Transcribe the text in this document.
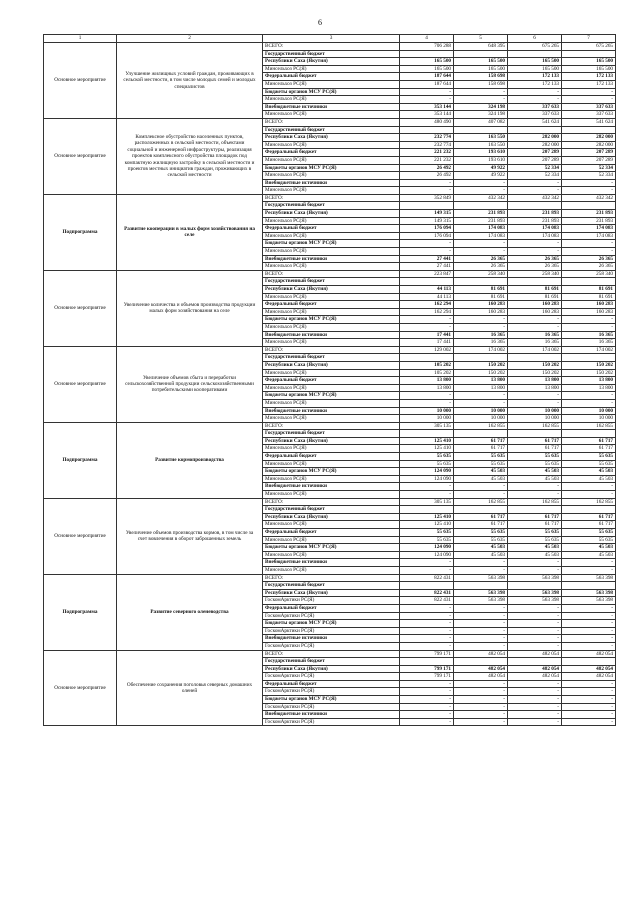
6
1	2	3	4	5	6	7
Основное мероприятие	Улучшение жилищных условий граждан, проживающих в сельской местности, в том числе молодых семей и молодых специалистов	ВСЕГО:	706 288	648 395	675 265	675 265
		Государственный бюджет				
		Республики Саха (Якутия)	165 500	165 500	165 500	165 500
		Минсельхоз РС(Я)	165 500	165 500	165 500	165 500
		Федеральный бюджет	187 644	158 698	172 133	172 133
		Минсельхоз РС(Я)	187 644	158 698	172 133	172 133
		Бюджеты органов МСУ РС(Я)	-	-	-	-
		Минсельхоз РС(Я)	-	-	-	-
		Внебюджетные источники	353 144	324 198	337 633	337 633
		Минсельхоз РС(Я)	353 144	324 198	337 633	337 633
Основное мероприятие	Комплексное обустройство населенных пунктов, расположенных в сельской местности, объектами социальной и инженерной инфраструктуры, реализация проектов комплексного обустройства площадок под компактную жилищную застройку в сельской местности и проектов местных инициатив граждан, проживающих в сельской местности	ВСЕГО:	480 490	407 082	541 624	541 624
		Государственный бюджет				
		Республики Саха (Якутия)	232 774	163 550	282 000	282 000
		Минсельхоз РС(Я)	232 774	163 550	282 000	282 000
		Федеральный бюджет	221 232	193 610	207 289	207 289
		Минсельхоз РС(Я)	221 232	193 610	207 289	207 289
		Бюджеты органов МСУ РС(Я)	26 492	49 922	52 334	52 334
		Минсельхоз РС(Я)	26 492	49 922	52 334	52 334
		Внебюджетные источники	-	-	-	-
		Минсельхоз РС(Я)	-	-	-	-
Подпрограмма	Развитие кооперации в малых форм хозяйствования на селе	ВСЕГО:	352 849	432 342	432 342	432 342
		Государственный бюджет				
		Республики Саха (Якутия)	149 315	231 893	231 893	231 893
		Минсельхоз РС(Я)	149 315	231 893	231 893	231 893
		Федеральный бюджет	176 094	174 083	174 083	174 083
		Минсельхоз РС(Я)	176 094	174 083	174 083	174 083
		Бюджеты органов МСУ РС(Я)	-	-	-	-
		Минсельхоз РС(Я)	-	-	-	-
		Внебюджетные источники	27 441	26 365	26 365	26 365
		Минсельхоз РС(Я)	27 441	26 365	26 365	26 365
Основное мероприятие	Увеличение количества и объемов производства продукции малых форм хозяйствования на селе	ВСЕГО:	223 847	258 340	258 340	258 340
		Государственный бюджет				
		Республики Саха (Якутия)	44 113	81 691	81 691	81 691
		Минсельхоз РС(Я)	44 113	81 691	81 691	81 691
		Федеральный бюджет	162 294	160 283	160 283	160 283
		Минсельхоз РС(Я)	162 294	160 283	160 283	160 283
		Бюджеты органов МСУ РС(Я)	-	-	-	-
		Минсельхоз РС(Я)	-	-	-	-
		Внебюджетные источники	17 441	16 365	16 365	16 365
		Минсельхоз РС(Я)	17 441	16 365	16 365	16 365
Основное мероприятие	Увеличение объемов сбыта и переработки сельскохозяйственной продукции сельскохозяйственными потребительскими кооперативами	ВСЕГО:	129 002	174 002	174 002	174 002
		Государственный бюджет				
		Республики Саха (Якутия)	105 202	150 202	150 202	150 202
		Минсельхоз РС(Я)	105 202	150 202	150 202	150 202
		Федеральный бюджет	13 800	13 800	13 800	13 800
		Минсельхоз РС(Я)	13 800	13 800	13 800	13 800
		Бюджеты органов МСУ РС(Я)	-	-	-	-
		Минсельхоз РС(Я)	-	-	-	-
		Внебюджетные источники	10 000	10 000	10 000	10 000
		Минсельхоз РС(Я)	10 000	10 000	10 000	10 000
Подпрограмма	Развитие кормопроизводства	ВСЕГО:	305 135	162 855	162 855	162 855
		Государственный бюджет				
		Республики Саха (Якутия)	125 410	61 717	61 717	61 717
		Минсельхоз РС(Я)	125 410	61 717	61 717	61 717
		Федеральный бюджет	55 635	55 635	55 635	55 635
		Минсельхоз РС(Я)	55 635	55 635	55 635	55 635
		Бюджеты органов МСУ РС(Я)	124 090	45 503	45 503	45 503
		Минсельхоз РС(Я)	124 090	45 503	45 503	45 503
		Внебюджетные источники	-	-	-	-
		Минсельхоз РС(Я)	-	-	-	-
Основное мероприятие	Увеличение объемов производства кормов, в том числе за счет вовлечения в оборот заброшенных земель	ВСЕГО:	305 135	162 855	162 855	162 855
		Государственный бюджет				
		Республики Саха (Якутия)	125 410	61 717	61 717	61 717
		Минсельхоз РС(Я)	125 410	61 717	61 717	61 717
		Федеральный бюджет	55 635	55 635	55 635	55 635
		Минсельхоз РС(Я)	55 635	55 635	55 635	55 635
		Бюджеты органов МСУ РС(Я)	124 090	45 503	45 503	45 503
		Минсельхоз РС(Я)	124 090	45 503	45 503	45 503
		Внебюджетные источники	-	-	-	-
		Минсельхоз РС(Я)	-	-	-	-
Подпрограмма	Развитие северного оленеводства	ВСЕГО:	822 431	563 398	563 398	563 398
		Государственный бюджет				
		Республики Саха (Якутия)	822 431	563 398	563 398	563 398
		ГоскомАрктики РС(Я)	822 431	563 398	563 398	563 398
		Федеральный бюджет	-	-	-	-
		ГоскомАрктики РС(Я)	-	-	-	-
		Бюджеты органов МСУ РС(Я)	-	-	-	-
		ГоскомАрктики РС(Я)	-	-	-	-
		Внебюджетные источники	-	-	-	-
		ГоскомАрктики РС(Я)	-	-	-	-
Основное мероприятие	Обеспечение сохранения поголовья северных домашних оленей	ВСЕГО:	799 171	482 054	482 054	482 054
		Государственный бюджет				
		Республики Саха (Якутия)	799 171	482 054	482 054	482 054
		ГоскомАрктики РС(Я)	799 171	482 054	482 054	482 054
		Федеральный бюджет	-	-	-	-
		ГоскомАрктики РС(Я)	-	-	-	-
		Бюджеты органов МСУ РС(Я)	-	-	-	-
		ГоскомАрктики РС(Я)	-	-	-	-
		Внебюджетные источники	-	-	-	-
		ГоскомАрктики РС(Я)	-	-	-	-
